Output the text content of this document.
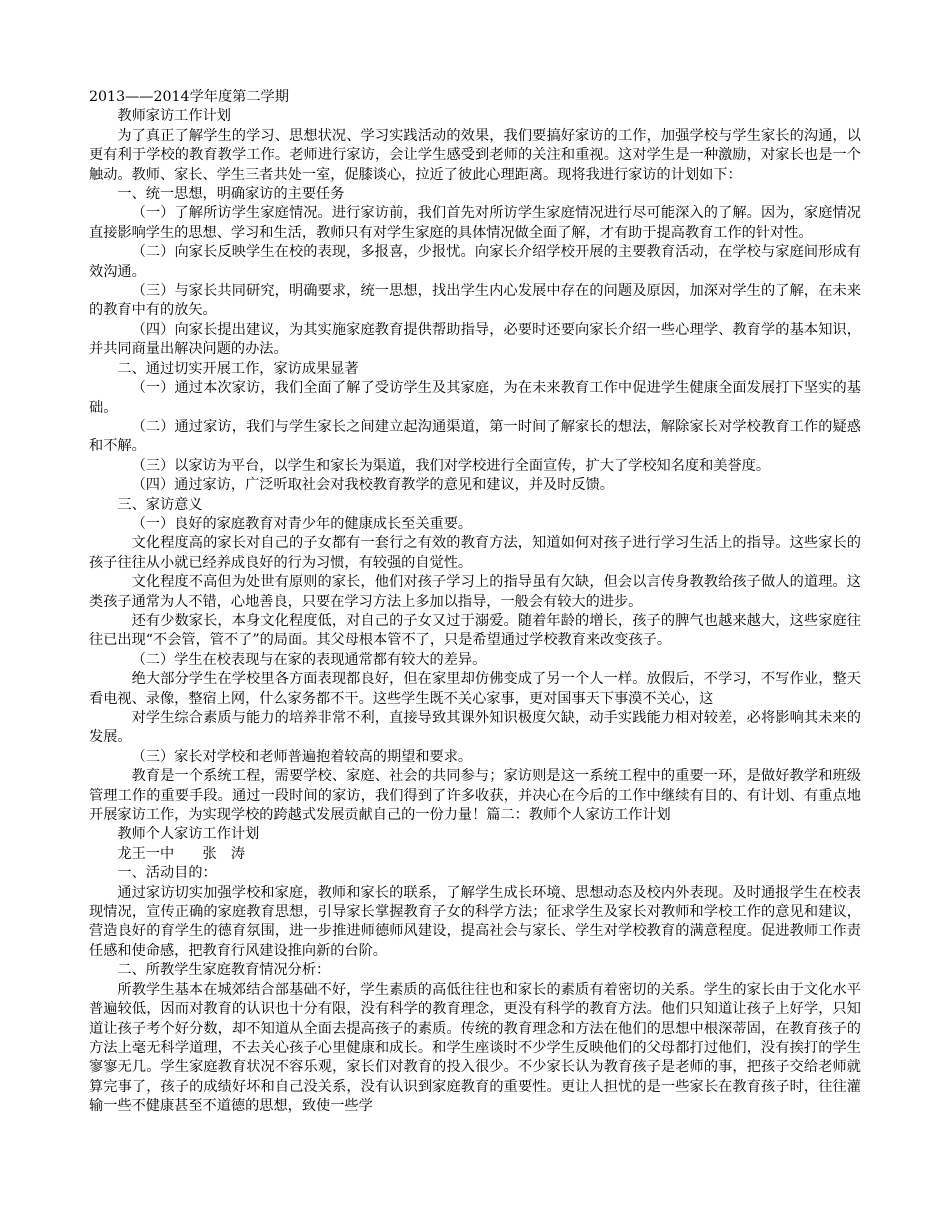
2013——2014学年度第二学期

教师家访工作计划

为了真正了解学生的学习、思想状况、学习实践活动的效果，我们要搞好家访的工作，加强学校与学生家长的沟通，以更有利于学校的教育教学工作。老师进行家访，会让学生感受到老师的关注和重视。这对学生是一种激励，对家长也是一个触动。教师、家长、学生三者共处一室，促膝谈心，拉近了彼此心理距离。现将我进行家访的计划如下：

一、统一思想，明确家访的主要任务

（一）了解所访学生家庭情况。进行家访前，我们首先对所访学生家庭情况进行尽可能深入的了解。因为，家庭情况直接影响学生的思想、学习和生活，教师只有对学生家庭的具体情况做全面了解，才有助于提高教育工作的针对性。

（二）向家长反映学生在校的表现，多报喜，少报忧。向家长介绍学校开展的主要教育活动，在学校与家庭间形成有效沟通。

（三）与家长共同研究，明确要求，统一思想，找出学生内心发展中存在的问题及原因，加深对学生的了解，在未来的教育中有的放矢。

（四）向家长提出建议，为其实施家庭教育提供帮助指导，必要时还要向家长介绍一些心理学、教育学的基本知识，并共同商量出解决问题的办法。

二、通过切实开展工作，家访成果显著

（一）通过本次家访，我们全面了解了受访学生及其家庭，为在未来教育工作中促进学生健康全面发展打下坚实的基础。

（二）通过家访，我们与学生家长之间建立起沟通渠道，第一时间了解家长的想法，解除家长对学校教育工作的疑惑和不解。

（三）以家访为平台，以学生和家长为渠道，我们对学校进行全面宣传，扩大了学校知名度和美誉度。

（四）通过家访，广泛听取社会对我校教育教学的意见和建议，并及时反馈。

三、家访意义

（一）良好的家庭教育对青少年的健康成长至关重要。

文化程度高的家长对自己的子女都有一套行之有效的教育方法，知道如何对孩子进行学习生活上的指导。这些家长的孩子往往从小就已经养成良好的行为习惯，有较强的自觉性。

文化程度不高但为处世有原则的家长，他们对孩子学习上的指导虽有欠缺，但会以言传身教教给孩子做人的道理。这类孩子通常为人不错，心地善良，只要在学习方法上多加以指导，一般会有较大的进步。

还有少数家长，本身文化程度低，对自己的子女又过于溺爱。随着年龄的增长，孩子的脾气也越来越大，这些家庭往往已出现“不会管，管不了”的局面。其父母根本管不了，只是希望通过学校教育来改变孩子。

（二）学生在校表现与在家的表现通常都有较大的差异。

绝大部分学生在学校里各方面表现都良好，但在家里却仿佛变成了另一个人一样。放假后，不学习，不写作业，整天看电视、录像，整宿上网，什么家务都不干。这些学生既不关心家事，更对国事天下事漠不关心，这

对学生综合素质与能力的培养非常不利，直接导致其课外知识极度欠缺，动手实践能力相对较差，必将影响其未来的发展。

（三）家长对学校和老师普遍抱着较高的期望和要求。

教育是一个系统工程，需要学校、家庭、社会的共同参与；家访则是这一系统工程中的重要一环，是做好教学和班级管理工作的重要手段。通过一段时间的家访，我们得到了许多收获，并决心在今后的工作中继续有目的、有计划、有重点地开展家访工作，为实现学校的跨越式发展贡献自己的一份力量！篇二：教师个人家访工作计划

教师个人家访工作计划

龙王一中　　张　涛

一、活动目的：

通过家访切实加强学校和家庭，教师和家长的联系，了解学生成长环境、思想动态及校内外表现。及时通报学生在校表现情况，宣传正确的家庭教育思想，引导家长掌握教育子女的科学方法；征求学生及家长对教师和学校工作的意见和建议，营造良好的育学生的德育氛围，进一步推进师德师风建设，提高社会与家长、学生对学校教育的满意程度。促进教师工作责任感和使命感，把教育行风建设推向新的台阶。

二、所教学生家庭教育情况分析：

所教学生基本在城郊结合部基础不好，学生素质的高低往往也和家长的素质有着密切的关系。学生的家长由于文化水平普遍较低，因而对教育的认识也十分有限，没有科学的教育理念，更没有科学的教育方法。他们只知道让孩子上好学，只知道让孩子考个好分数，却不知道从全面去提高孩子的素质。传统的教育理念和方法在他们的思想中根深蒂固，在教育孩子的方法上毫无科学道理，不去关心孩子心里健康和成长。和学生座谈时不少学生反映他们的父母都打过他们，没有挨打的学生寥寥无几。学生家庭教育状况不容乐观，家长们对教育的投入很少。不少家长认为教育孩子是老师的事，把孩子交给老师就算完事了，孩子的成绩好坏和自己没关系，没有认识到家庭教育的重要性。更让人担忧的是一些家长在教育孩子时，往往灌输一些不健康甚至不道德的思想，致使一些学
